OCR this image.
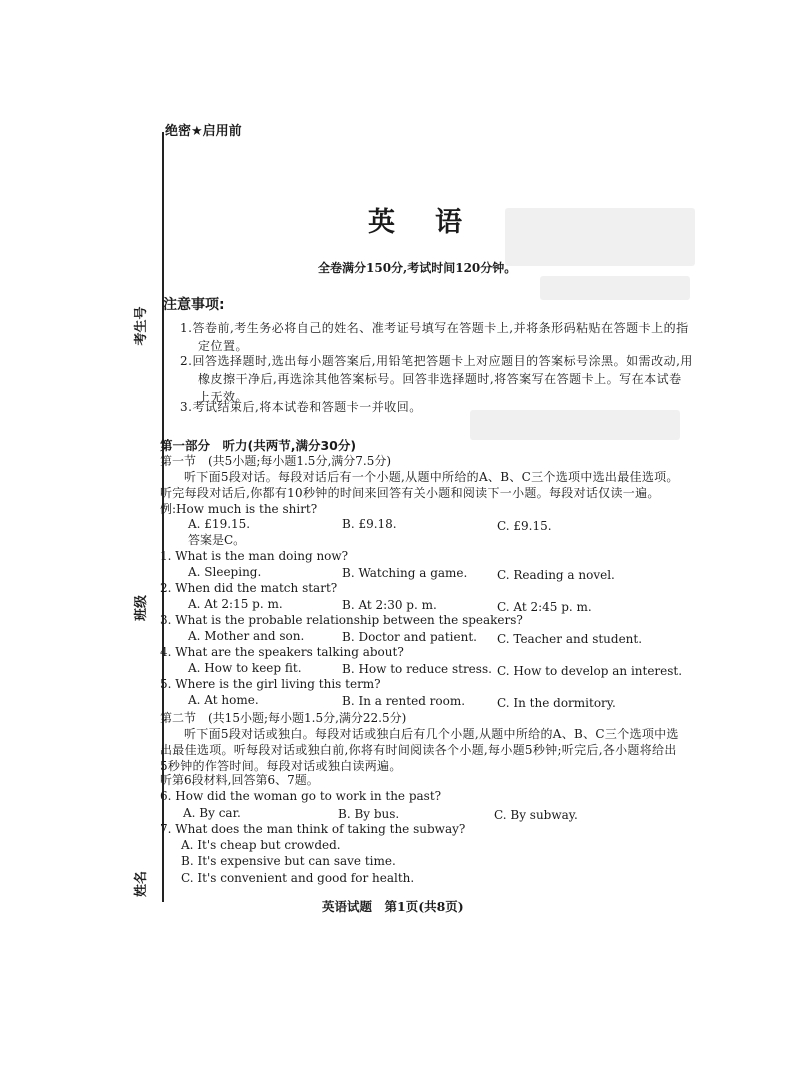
考生号
班级
姓名
绝密★启用前
英语
全卷满分150分,考试时间120分钟。
注意事项:
1.答卷前,考生务必将自己的姓名、准考证号填写在答题卡上,并将条形码粘贴在答题卡上的指定位置。
2.回答选择题时,选出每小题答案后,用铅笔把答题卡上对应题目的答案标号涂黑。如需改动,用橡皮擦干净后,再选涂其他答案标号。回答非选择题时,将答案写在答题卡上。写在本试卷上无效。
3.考试结束后,将本试卷和答题卡一并收回。
第一部分　听力(共两节,满分30分)
第一节　(共5小题;每小题1.5分,满分7.5分)
听下面5段对话。每段对话后有一个小题,从题中所给的A、B、C三个选项中选出最佳选项。听完每段对话后,你都有10秒钟的时间来回答有关小题和阅读下一小题。每段对话仅读一遍。
例:How much is the shirt?
A. £19.15.	B. £9.18.	C. £9.15.
答案是C。
1. What is the man doing now?
A. Sleeping.	B. Watching a game. C. Reading a novel.
2. When did the match start?
A. At 2:15 p. m.	B. At 2:30 p. m.	C. At 2:45 p. m.
3. What is the probable relationship between the speakers?
A. Mother and son.	B. Doctor and patient. C. Teacher and student.
4. What are the speakers talking about?
A. How to keep fit.	B. How to reduce stress. C. How to develop an interest.
5. Where is the girl living this term?
A. At home.	B. In a rented room.	C. In the dormitory.
第二节　(共15小题;每小题1.5分,满分22.5分)
听下面5段对话或独白。每段对话或独白后有几个小题,从题中所给的A、B、C三个选项中选出最佳选项。听每段对话或独白前,你将有时间阅读各个小题,每小题5秒钟;听完后,各小题将给出5秒钟的作答时间。每段对话或独白读两遍。
听第6段材料,回答第6、7题。
6. How did the woman go to work in the past?
A. By car.	B. By bus.	C. By subway.
7. What does the man think of taking the subway?
A. It's cheap but crowded.
B. It's expensive but can save time.
C. It's convenient and good for health.
英语试题　第1页(共8页)
